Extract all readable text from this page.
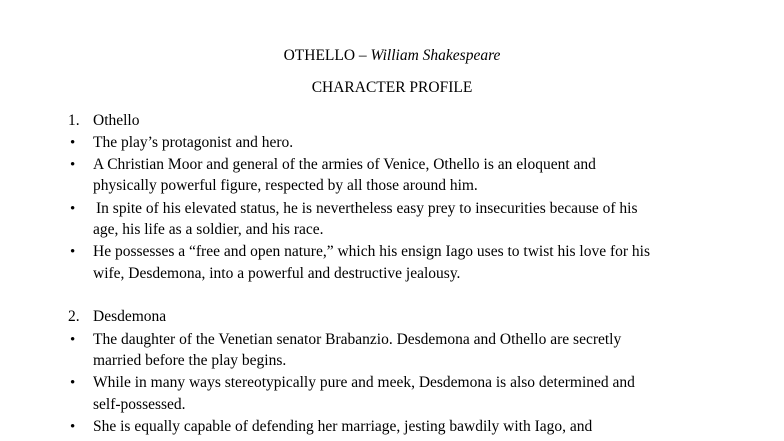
OTHELLO – William Shakespeare
CHARACTER PROFILE
1. Othello
• The play’s protagonist and hero.
• A Christian Moor and general of the armies of Venice, Othello is an eloquent and
physically powerful figure, respected by all those around him.
• In spite of his elevated status, he is nevertheless easy prey to insecurities because of his
age, his life as a soldier, and his race.
• He possesses a “free and open nature,” which his ensign Iago uses to twist his love for his
wife, Desdemona, into a powerful and destructive jealousy.
2. Desdemona
• The daughter of the Venetian senator Brabanzio. Desdemona and Othello are secretly
married before the play begins.
• While in many ways stereotypically pure and meek, Desdemona is also determined and
self-possessed.
• She is equally capable of defending her marriage, jesting bawdily with Iago, and
